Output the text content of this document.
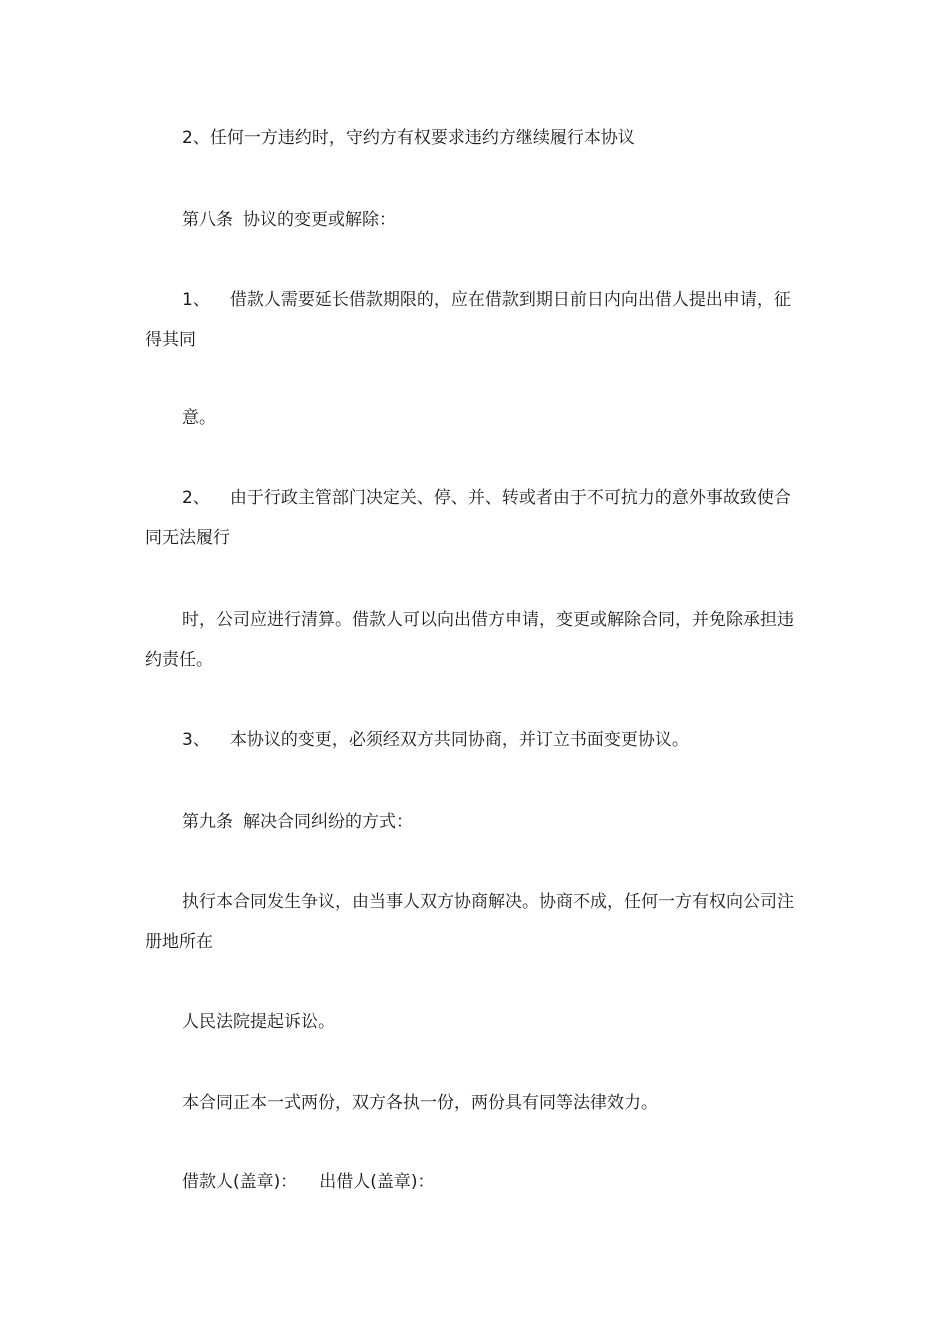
2、任何一方违约时，守约方有权要求违约方继续履行本协议

第八条 协议的变更或解除：

1、 借款人需要延长借款期限的，应在借款到期日前日内向出借人提出申请，征得其同

意。

2、 由于行政主管部门决定关、停、并、转或者由于不可抗力的意外事故致使合同无法履行

时，公司应进行清算。借款人可以向出借方申请，变更或解除合同，并免除承担违约责任。

3、 本协议的变更，必须经双方共同协商，并订立书面变更协议。

第九条 解决合同纠纷的方式：

执行本合同发生争议，由当事人双方协商解决。协商不成，任何一方有权向公司注册地所在

人民法院提起诉讼。

本合同正本一式两份，双方各执一份，两份具有同等法律效力。

借款人(盖章)： 出借人(盖章)：
